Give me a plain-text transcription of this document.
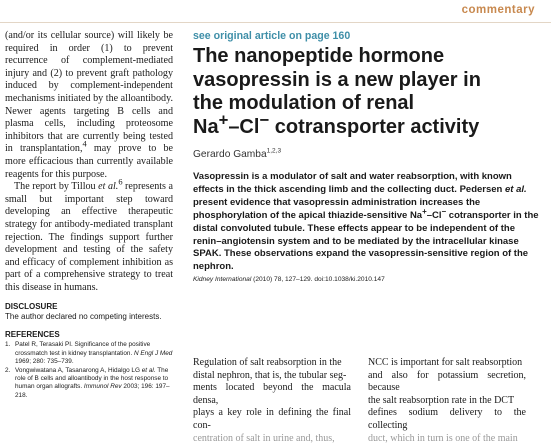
commentary

(and/or its cellular source) will likely be required in order (1) to prevent recurrence of complement-mediated injury and (2) to prevent graft pathology induced by complement-independent mechanisms initiated by the alloantibody. Newer agents targeting B cells and plasma cells, including proteosome inhibitors that are currently being tested in transplantation,$^4$ may prove to be more efficacious than currently available reagents for this purpose.

The report by Tillou et al.$^6$ represents a small but important step toward developing an effective therapeutic strategy for antibody-mediated transplant rejection. The findings support further development and testing of the safety and efficacy of complement inhibition as part of a comprehensive strategy to treat this disease in humans.

DISCLOSURE
The author declared no competing interests.
REFERENCES
1. Patel R, Terasaki PI. Significance of the positive crossmatch test in kidney transplantation. N Engl J Med 1969; 280: 735–739.
2. Vongwiwatana A, Tasanarong A, Hidalgo LG et al. The role of B cells and alloantibody in the host response to human organ allografts. Immunol Rev 2003; 196: 197–218.
see original article on page 160
The nanopeptide hormone
vasopressin is a new player in
the modulation of renal
Na+–Cl− cotransporter activity
Gerardo Gamba$^{1,2,3}$
Vasopressin is a modulator of salt and water reabsorption, with known effects in the thick ascending limb and the collecting duct. Pedersen et al. present evidence that vasopressin administration increases the phosphorylation of the apical thiazide-sensitive Na+–Cl− cotransporter in the distal convoluted tubule. These effects appear to be independent of the renin–angiotensin system and to be mediated by the intracellular kinase SPAK. These observations expand the vasopressin-sensitive region of the nephron.
Kidney International (2010) 78, 127–129. doi:10.1038/ki.2010.147
Regulation of salt reabsorption in the
distal nephron, that is, the tubular seg-
ments located beyond the macula densa,
plays a key role in defining the final con-
centration of salt in urine and, thus,
NCC is important for salt reabsorption
and also for potassium secretion, because
the salt reabsorption rate in the DCT
defines sodium delivery to the collecting
duct, which in turn is one of the main
